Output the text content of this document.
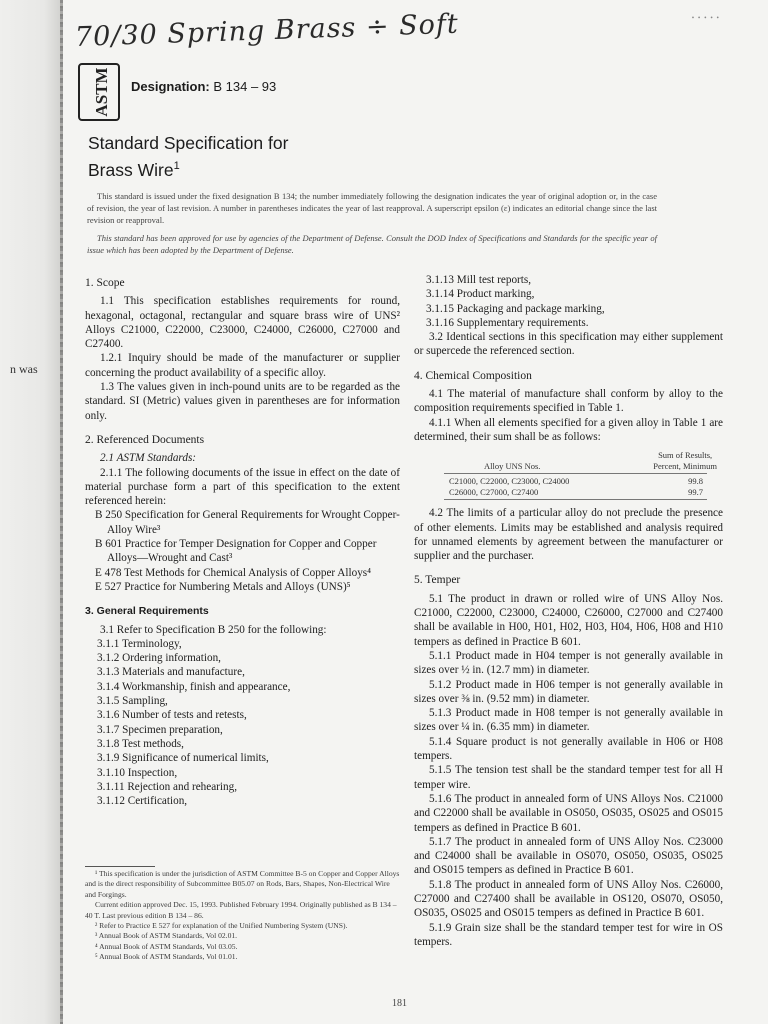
n was
• • • • •
70/30 Spring Brass ÷ Soft
ASTM Designation: B 134 – 93
Standard Specification for
Brass Wire$^1$

This standard is issued under the fixed designation B 134; the number immediately following the designation indicates the year of original adoption or, in the case of revision, the year of last revision. A number in parentheses indicates the year of last reapproval. A superscript epsilon (ε) indicates an editorial change since the last revision or reapproval.

This standard has been approved for use by agencies of the Department of Defense. Consult the DOD Index of Specifications and Standards for the specific year of issue which has been adopted by the Department of Defense.

1. Scope

1.1 This specification establishes requirements for round, hexagonal, octagonal, rectangular and square brass wire of UNS² Alloys C21000, C22000, C23000, C24000, C26000, C27000 and C27400.

1.2.1 Inquiry should be made of the manufacturer or supplier concerning the product availability of a specific alloy.

1.3 The values given in inch-pound units are to be regarded as the standard. SI (Metric) values given in parentheses are for information only.

2. Referenced Documents

2.1 ASTM Standards:

2.1.1 The following documents of the issue in effect on the date of material purchase form a part of this specification to the extent referenced herein:

B 250 Specification for General Requirements for Wrought Copper-Alloy Wire³

B 601 Practice for Temper Designation for Copper and Copper Alloys—Wrought and Cast³

E 478 Test Methods for Chemical Analysis of Copper Alloys⁴

E 527 Practice for Numbering Metals and Alloys (UNS)⁵

3. General Requirements

3.1 Refer to Specification B 250 for the following:

3.1.1 Terminology,

3.1.2 Ordering information,

3.1.3 Materials and manufacture,

3.1.4 Workmanship, finish and appearance,

3.1.5 Sampling,

3.1.6 Number of tests and retests,

3.1.7 Specimen preparation,

3.1.8 Test methods,

3.1.9 Significance of numerical limits,

3.1.10 Inspection,

3.1.11 Rejection and rehearing,

3.1.12 Certification,

¹ This specification is under the jurisdiction of ASTM Committee B-5 on Copper and Copper Alloys and is the direct responsibility of Subcommittee B05.07 on Rods, Bars, Shapes, Non-Electrical Wire and Forgings.

Current edition approved Dec. 15, 1993. Published February 1994. Originally published as B 134 – 40 T. Last previous edition B 134 – 86.

² Refer to Practice E 527 for explanation of the Unified Numbering System (UNS).

³ Annual Book of ASTM Standards, Vol 02.01.

⁴ Annual Book of ASTM Standards, Vol 03.05.

⁵ Annual Book of ASTM Standards, Vol 01.01.

3.1.13 Mill test reports,

3.1.14 Product marking,

3.1.15 Packaging and package marking,

3.1.16 Supplementary requirements.

3.2 Identical sections in this specification may either supplement or supercede the referenced section.

4. Chemical Composition

4.1 The material of manufacture shall conform by alloy to the composition requirements specified in Table 1.

4.1.1 When all elements specified for a given alloy in Table 1 are determined, their sum shall be as follows:

Alloy UNS Nos.
Sum of Results,
Percent, Minimum
C21000, C22000, C23000, C24000	99.8
C26000, C27000, C27400	99.7

4.2 The limits of a particular alloy do not preclude the presence of other elements. Limits may be established and analysis required for unnamed elements by agreement between the manufacturer or supplier and the purchaser.

5. Temper

5.1 The product in drawn or rolled wire of UNS Alloy Nos. C21000, C22000, C23000, C24000, C26000, C27000 and C27400 shall be available in H00, H01, H02, H03, H04, H06, H08 and H10 tempers as defined in Practice B 601.

5.1.1 Product made in H04 temper is not generally available in sizes over ½ in. (12.7 mm) in diameter.

5.1.2 Product made in H06 temper is not generally available in sizes over ⅜ in. (9.52 mm) in diameter.

5.1.3 Product made in H08 temper is not generally available in sizes over ¼ in. (6.35 mm) in diameter.

5.1.4 Square product is not generally available in H06 or H08 tempers.

5.1.5 The tension test shall be the standard temper test for all H temper wire.

5.1.6 The product in annealed form of UNS Alloys Nos. C21000 and C22000 shall be available in OS050, OS035, OS025 and OS015 tempers as defined in Practice B 601.

5.1.7 The product in annealed form of UNS Alloy Nos. C23000 and C24000 shall be available in OS070, OS050, OS035, OS025 and OS015 tempers as defined in Practice B 601.

5.1.8 The product in annealed form of UNS Alloy Nos. C26000, C27000 and C27400 shall be available in OS120, OS070, OS050, OS035, OS025 and OS015 tempers as defined in Practice B 601.

5.1.9 Grain size shall be the standard temper test for wire in OS tempers.

181
